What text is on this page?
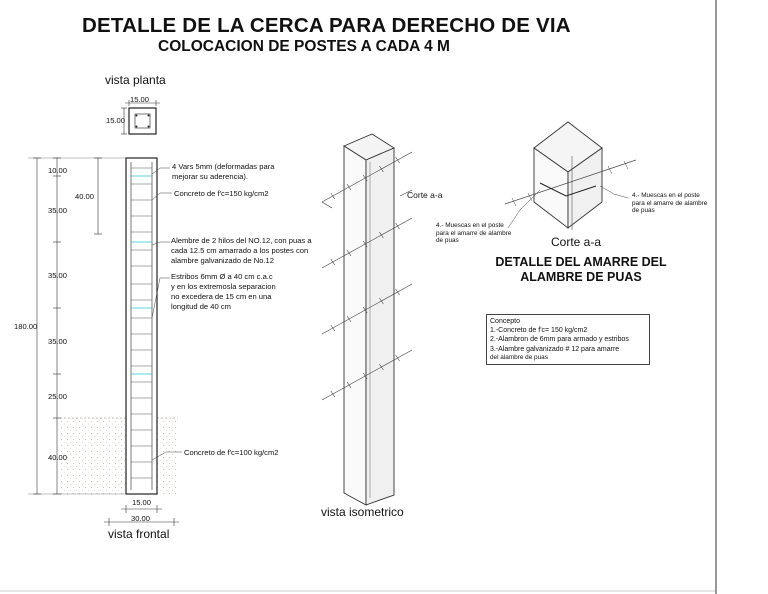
DETALLE DE LA CERCA PARA DERECHO DE VIA
COLOCACION DE POSTES A CADA 4 M
vista planta
15.00
15.00
10.00
35.00
35.00
35.00
25.00
40.00
180.00
40.00
15.00
30.00
vista frontal
4 Vars 5mm (deformadas para
mejorar su aderencia).
Concreto de f'c=150 kg/cm2
Alembre de 2 hilos del NO.12, con puas a
cada 12.5 cm amarrado a los postes con
alambre galvanizado de No.12
Estribos 6mm Ø a 40 cm c.a.c
y en los extremosla separacion
no excedera de 15 cm en una
longitud de 40 cm
Concreto de f'c=100 kg/cm2
Corte a-a
vista isometrico
4.- Muescas en el poste
para el amarre de alambre
de puas
4.- Muescas en el poste
para el amarre de alambre
de puas
Corte a-a
DETALLE DEL AMARRE DEL ALAMBRE DE PUAS
Concepto
1.-Concreto de f'c= 150 kg/cm2
2.-Alambron de 6mm para armado y estribos
3.-Alambre galvanizado # 12 para amarre
del alambre de puas
